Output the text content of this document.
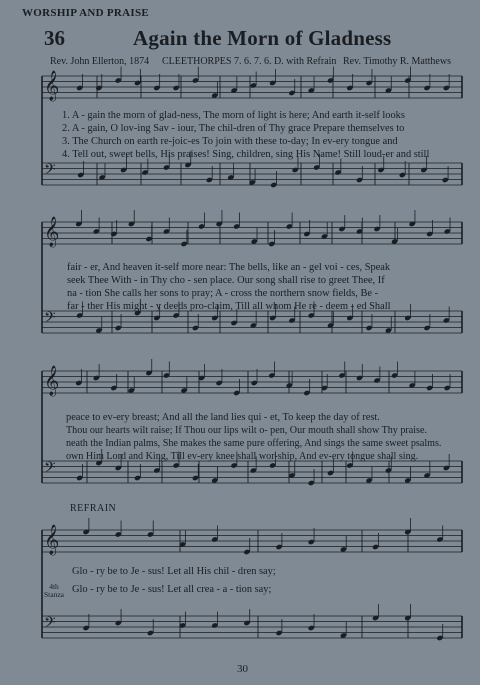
WORSHIP AND PRAISE
36	Again the Morn of Gladness
Rev. John Ellerton, 1874 CLEETHORPES 7. 6. 7. 6. D. with Refrain Rev. Timothy R. Matthews
𝄞
𝄢
𝄞
𝄢
𝄞
𝄢
𝄞
𝄢
1. A - gain the morn of glad-ness, The morn of light is here; And earth it-self looks
2. A - gain, O lov-ing Sav - iour, The chil-dren of Thy grace Prepare themselves to
3. The Church on earth re-joic-es To join with these to-day; In ev-ery tongue and
4. Tell out, sweet bells, His praises! Sing, children, sing His Name! Still loud-er and still
fair - er, And heaven it-self more near: The bells, like an - gel voi - ces, Speak
seek Thee With - in Thy cho - sen place. Our song shall rise to greet Thee, If
na - tion She calls her sons to pray; A - cross the northern snow fields, Be -
far - ther His might - y deeds pro-claim, Till all whom He re - deem - ed Shall
peace to ev-ery breast; And all the land lies qui - et, To keep the day of rest.
Thou our hearts wilt raise; If Thou our lips wilt o- pen, Our mouth shall show Thy praise.
neath the Indian palms, She makes the same pure offering, And sings the same sweet psalms.
own Him Lord and King, Till ev-ery knee shall wor-ship, And ev-ery tongue shall sing.
REFRAIN
Glo - ry be to Je - sus! Let all His chil - dren say;
Glo - ry be to Je - sus! Let all crea - a - tion say;
4th
Stanza
30
